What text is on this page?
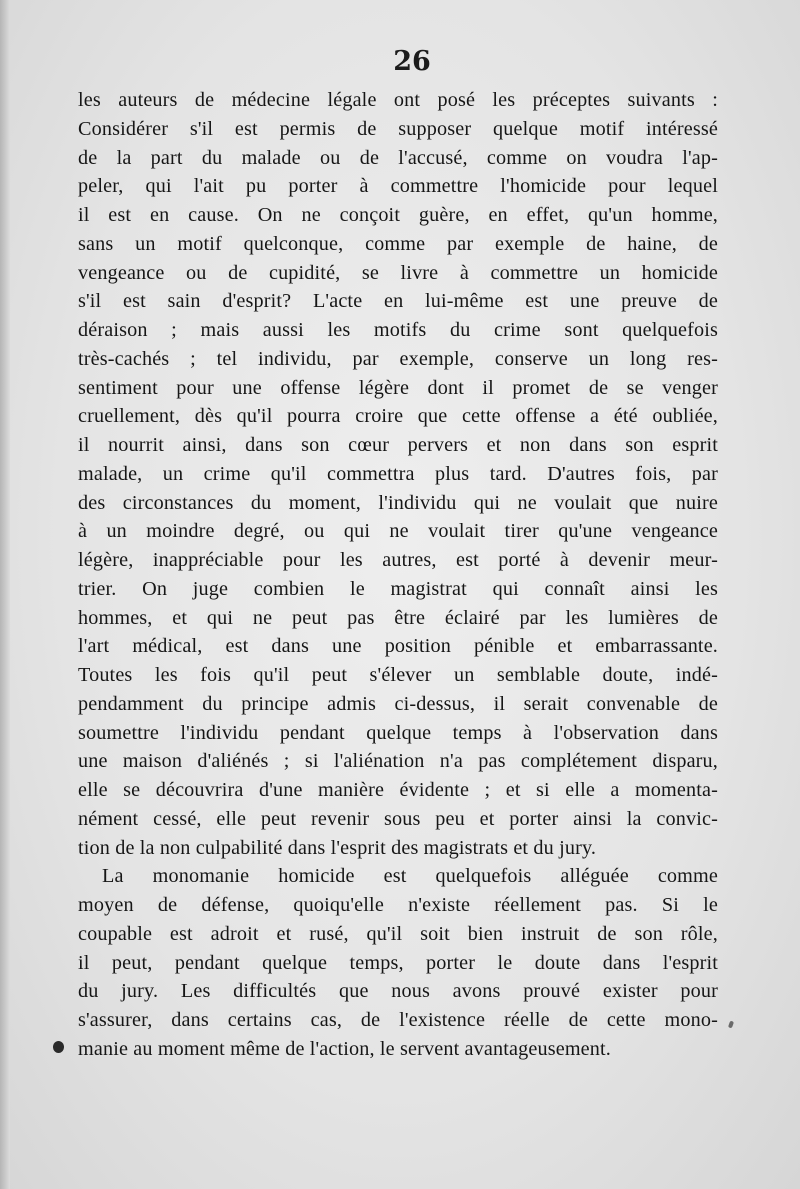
26
les auteurs de médecine légale ont posé les préceptes suivants :
Considérer s'il est permis de supposer quelque motif intéressé
de la part du malade ou de l'accusé, comme on voudra l'ap-
peler, qui l'ait pu porter à commettre l'homicide pour lequel
il est en cause. On ne conçoit guère, en effet, qu'un homme,
sans un motif quelconque, comme par exemple de haine, de
vengeance ou de cupidité, se livre à commettre un homicide
s'il est sain d'esprit? L'acte en lui-même est une preuve de
déraison ; mais aussi les motifs du crime sont quelquefois
très-cachés ; tel individu, par exemple, conserve un long res-
sentiment pour une offense légère dont il promet de se venger
cruellement, dès qu'il pourra croire que cette offense a été oubliée,
il nourrit ainsi, dans son cœur pervers et non dans son esprit
malade, un crime qu'il commettra plus tard. D'autres fois, par
des circonstances du moment, l'individu qui ne voulait que nuire
à un moindre degré, ou qui ne voulait tirer qu'une vengeance
légère, inappréciable pour les autres, est porté à devenir meur-
trier. On juge combien le magistrat qui connaît ainsi les
hommes, et qui ne peut pas être éclairé par les lumières de
l'art médical, est dans une position pénible et embarrassante.
Toutes les fois qu'il peut s'élever un semblable doute, indé-
pendamment du principe admis ci-dessus, il serait convenable de
soumettre l'individu pendant quelque temps à l'observation dans
une maison d'aliénés ; si l'aliénation n'a pas complétement disparu,
elle se découvrira d'une manière évidente ; et si elle a momenta-
nément cessé, elle peut revenir sous peu et porter ainsi la convic-
tion de la non culpabilité dans l'esprit des magistrats et du jury.
La monomanie homicide est quelquefois alléguée comme
moyen de défense, quoiqu'elle n'existe réellement pas. Si le
coupable est adroit et rusé, qu'il soit bien instruit de son rôle,
il peut, pendant quelque temps, porter le doute dans l'esprit
du jury. Les difficultés que nous avons prouvé exister pour
s'assurer, dans certains cas, de l'existence réelle de cette mono-
manie au moment même de l'action, le servent avantageusement.
